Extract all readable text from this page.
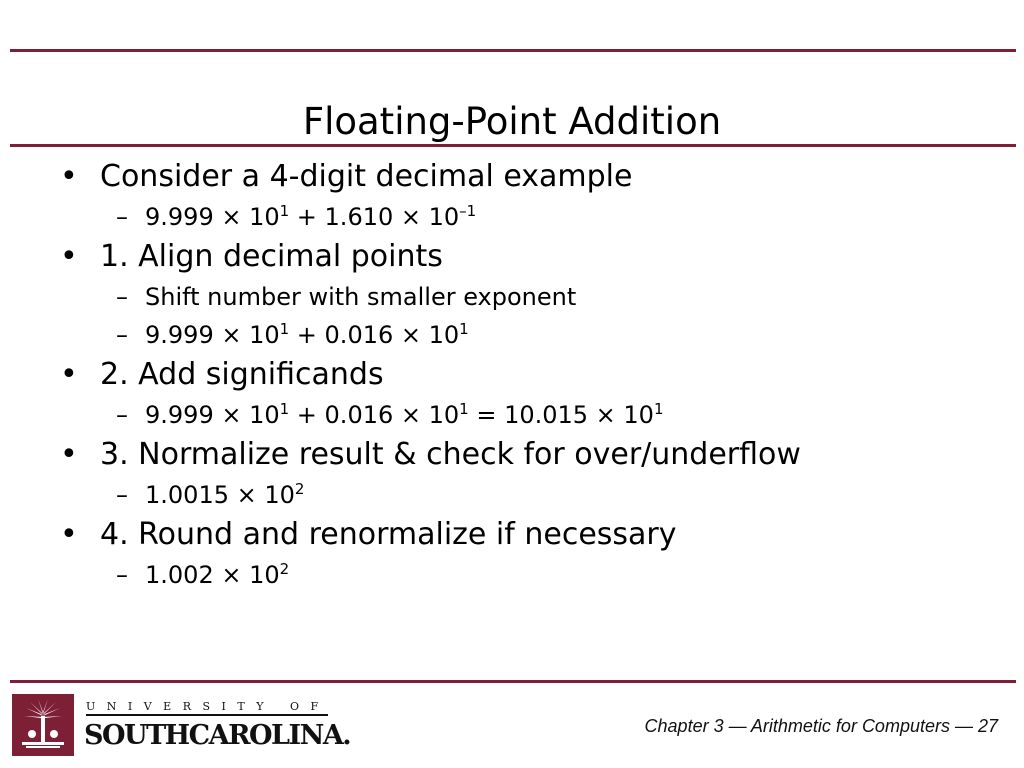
Floating-Point Addition
• Consider a 4-digit decimal example
– $9.999 \times 10^1 + 1.610 \times 10^{-1}$
• 1. Align decimal points
– Shift number with smaller exponent
– $9.999 \times 10^1 + 0.016 \times 10^1$
• 2. Add significands
– $9.999 \times 10^1 + 0.016 \times 10^1 = 10.015 \times 10^1$
• 3. Normalize result & check for over/underflow
– $1.0015 \times 10^2$
• 4. Round and renormalize if necessary
– $1.002 \times 10^2$
UNIVERSITY OF
SOUTHCAROLINA.	Chapter 3 — Arithmetic for Computers — 27
